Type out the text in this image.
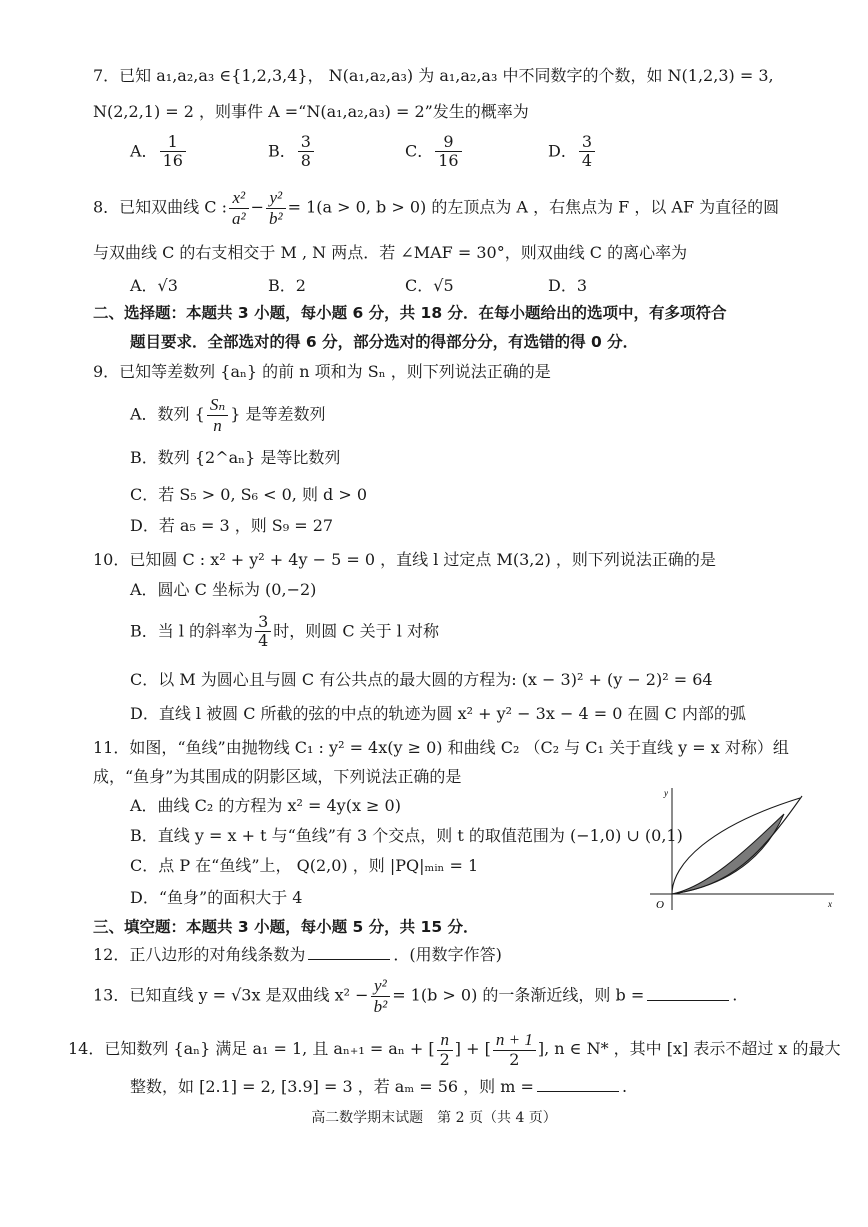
7．已知 a₁,a₂,a₃ ∈{1,2,3,4}， N(a₁,a₂,a₃) 为 a₁,a₂,a₃ 中不同数字的个数，如 N(1,2,3) = 3,
N(2,2,1) = 2 ，则事件 A =“N(a₁,a₂,a₃) = 2”发生的概率为
A． $\frac{1}{16}$	B． $\frac{3}{8}$	C． $\frac{9}{16}$	D． $\frac{3}{4}$
8．已知双曲线 C : $\frac{\text{x²}}{\text{a²}} - \frac{\text{y²}}{\text{b²}} = 1(a > 0$, b > 0) 的左顶点为 A ，右焦点为 F ，以 AF 为直径的圆
与双曲线 C 的右支相交于 M , N 两点．若 ∠MAF = 30°，则双曲线 C 的离心率为
A．√3	B．2	C．√5	D．3
二、选择题：本题共 3 小题，每小题 6 分，共 18 分．在每小题给出的选项中，有多项符合
题目要求．全部选对的得 6 分，部分选对的得部分分，有选错的得 0 分．
9．已知等差数列 {aₙ} 的前 n 项和为 Sₙ ，则下列说法正确的是
A．数列 { $\frac{\text{Sₙ}}{n}$ } 是等差数列
B．数列 {2^aₙ} 是等比数列
C．若 S₅ > 0, S₆ < 0, 则 d > 0
D．若 a₅ = 3 ，则 S₉ = 27
10．已知圆 C : x² + y² + 4y − 5 = 0 ，直线 l 过定点 M(3,2) ，则下列说法正确的是
A．圆心 C 坐标为 (0,−2)
B．当 l 的斜率为 $\frac{3}{4}$ 时，则圆 C 关于 l 对称
C．以 M 为圆心且与圆 C 有公共点的最大圆的方程为: (x − 3)² + (y − 2)² = 64
D．直线 l 被圆 C 所截的弦的中点的轨迹为圆 x² + y² − 3x − 4 = 0 在圆 C 内部的弧
11．如图，“鱼线”由抛物线 C₁ : y² = 4x(y ≥ 0) 和曲线 C₂ （C₂ 与 C₁ 关于直线 y = x 对称）组
成，“鱼身”为其围成的阴影区域，下列说法正确的是
A．曲线 C₂ 的方程为 x² = 4y(x ≥ 0)
B．直线 y = x + t 与“鱼线”有 3 个交点，则 t 的取值范围为 (−1,0) ∪ (0,1)
C．点 P 在“鱼线”上， Q(2,0) ，则 |PQ|ₘᵢₙ = 1
D．“鱼身”的面积大于 4	O	x
y
三、填空题：本题共 3 小题，每小题 5 分，共 15 分．
12．正八边形的对角线条数为	．(用数字作答)
13．已知直线 y = √3x 是双曲线 $x^2 - \frac{\text{y²}}{\text{b²}} = 1(b > 0)$ 的一条渐近线，则 b =	.
14．已知数列 {aₙ} 满足 a₁ = 1, 且 aₙ₊₁ = aₙ + [ $\frac{n}{2}$ ] + [ $\frac{n + 1}{2}$ ], n ∈ N* ，其中 [x] 表示不超过 x 的最大
整数，如 [2.1] = 2, [3.9] = 3 ，若 aₘ = 56 ，则 m =	.
高二数学期末试题　第 2 页（共 4 页）
